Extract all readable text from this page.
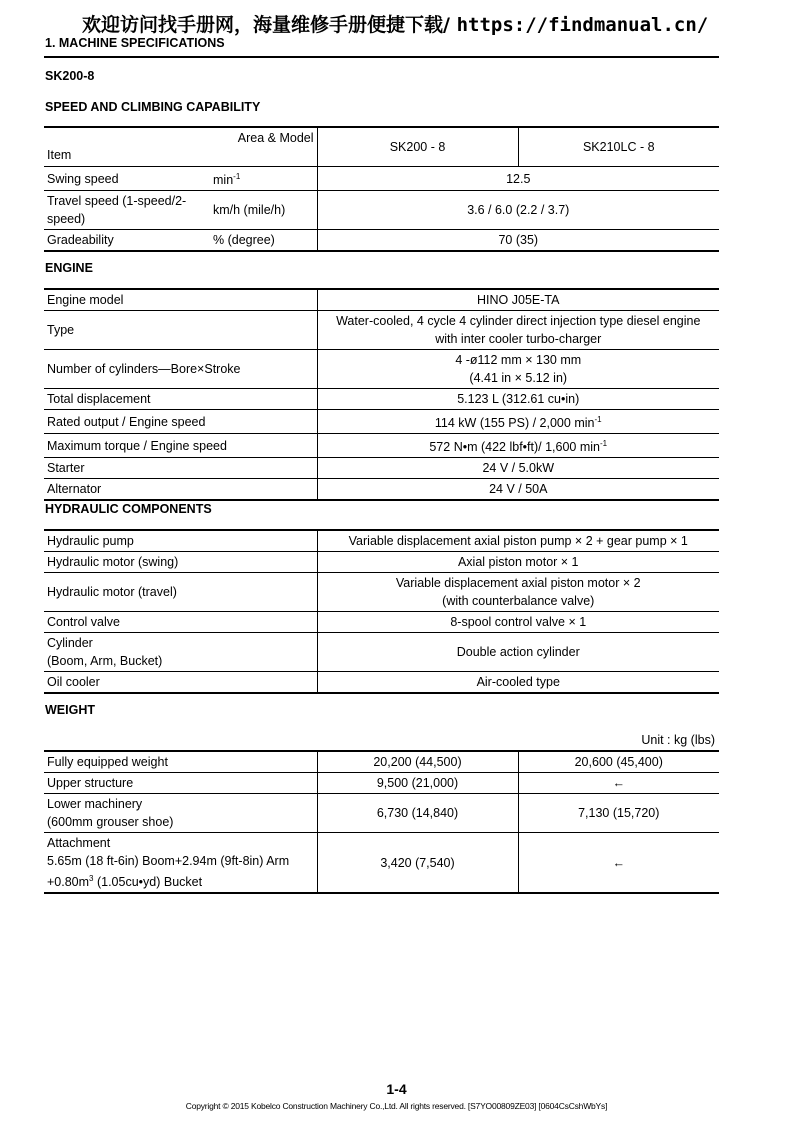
欢迎访问找手册网，海量维修手册便捷下载/ https://findmanual.cn/
1. MACHINE SPECIFICATIONS
SK200-8
SPEED AND CLIMBING CAPABILITY
Area & Model
Item		SK200 - 8	SK210LC - 8
Swing speed	$\min^{-1}$	12.5	
Travel speed (1-speed/2-speed)	km/h (mile/h)	3.6 / 6.0 (2.2 / 3.7)	
Gradeability	% (degree)	70 (35)	
ENGINE
Engine model	HINO J05E-TA
Type	Water-cooled, 4 cycle 4 cylinder direct injection type diesel engine
with inter cooler turbo-charger

Number of cylinders—Bore×Stroke	4 -ø112 mm × 130 mm
(4.41 in × 5.12 in)

Total displacement	5.123 L (312.61 cu•in)
Rated output / Engine speed	114 kW (155 PS) / 2,000 $\min^{-1}$
Maximum torque / Engine speed	572 N•m (422 lbf•ft)/ 1,600 $\min^{-1}$
Starter	24 V / 5.0kW
Alternator	24 V / 50A
HYDRAULIC COMPONENTS
Hydraulic pump	Variable displacement axial piston pump × 2 + gear pump × 1
Hydraulic motor (swing)	Axial piston motor × 1
Hydraulic motor (travel)	Variable displacement axial piston motor × 2
(with counterbalance valve)

Control valve	8-spool control valve × 1

Cylinder
(Boom, Arm, Bucket)	Double action cylinder
Oil cooler	Air-cooled type
WEIGHT
Unit : kg (lbs)
Fully equipped weight	20,200 (44,500)	20,600 (45,400)
Upper structure	9,500 (21,000)	←

Lower machinery
(600mm grouser shoe)	6,730 (14,840)	7,130 (15,720)

Attachment
5.65m (18 ft-6in) Boom+2.94m (9ft-8in) Arm
$+0.80m^3$ (1.05cu•yd) Bucket	3,420 (7,540)	←
1-4
Copyright © 2015 Kobelco Construction Machinery Co.,Ltd. All rights reserved. [S7YO00809ZE03] [0604CsCshWbYs]
